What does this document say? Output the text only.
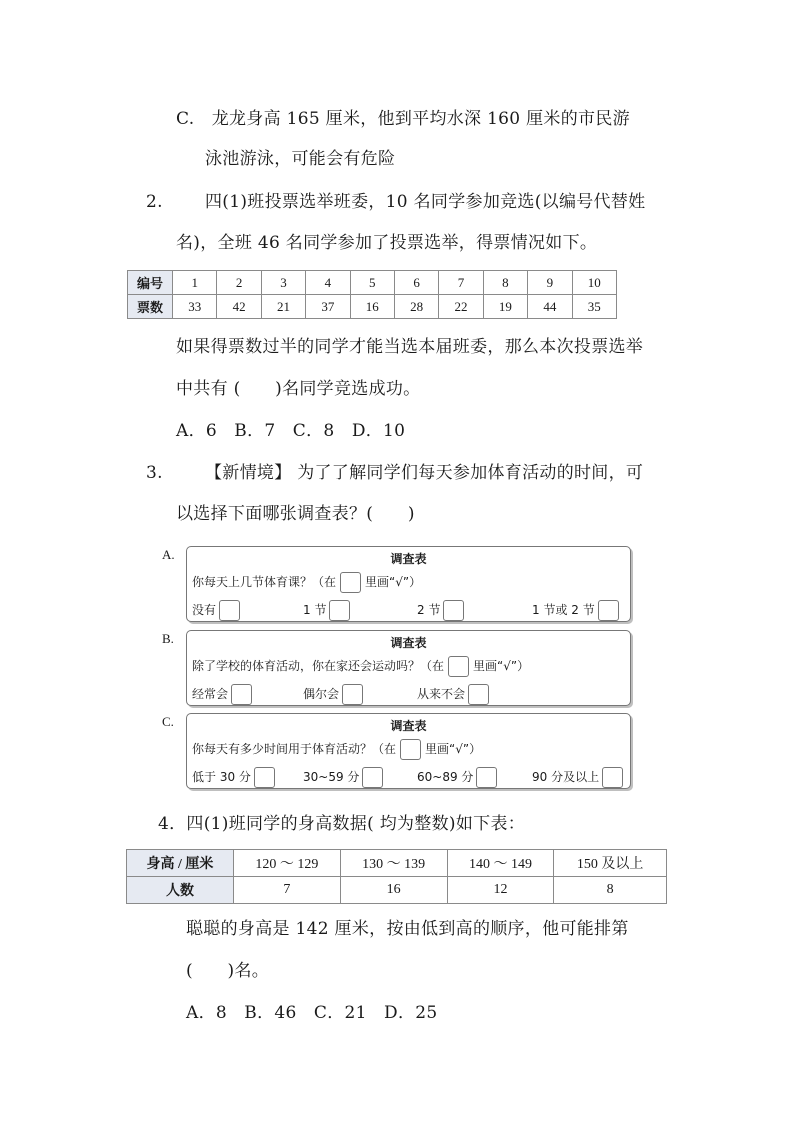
C.　龙龙身高 165 厘米，他到平均水深 160 厘米的市民游
泳池游泳，可能会有危险
2. 四(1)班投票选举班委，10 名同学参加竞选(以编号代替姓
名)，全班 46 名同学参加了投票选举，得票情况如下。
编号	1	2	3	4	5	6	7	8	9	10
票数	33	42	21	37	16	28	22	19	44	35
如果得票数过半的同学才能当选本届班委，那么本次投票选举
中共有 (　　)名同学竞选成功。
A．6　B．7　C．8　D．10
3. 【新情境】 为了了解同学们每天参加体育活动的时间，可
以选择下面哪张调查表？(　　)
A.	调查表
你每天上几节体育课？（在 里画“√”）
没有	1 节	2 节	1 节或 2 节
B.	调查表
除了学校的体育活动，你在家还会运动吗？（在 里画“√”）
经常会	偶尔会	从来不会
C.	调查表
你每天有多少时间用于体育活动？（在 里画“√”）
低于 30 分	30~59 分	60~89 分	90 分及以上
4．四(1)班同学的身高数据( 均为整数)如下表：
身高 / 厘米	120 ～ 129	130 ～ 139	140 ～ 149	150 及以上
人数	7	16	12	8
聪聪的身高是 142 厘米，按由低到高的顺序，他可能排第
(　　)名。
A．8　B．46　C．21　D．25
